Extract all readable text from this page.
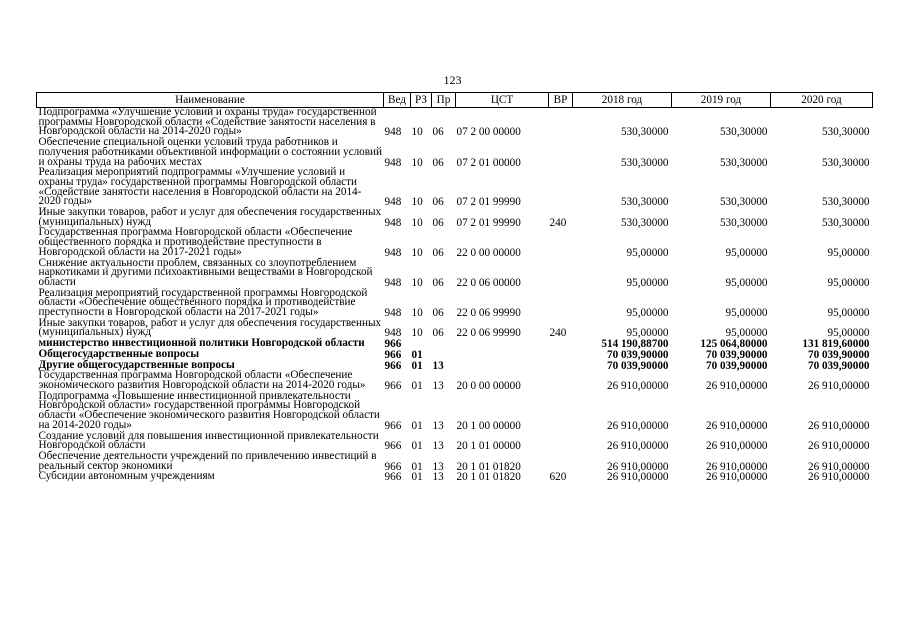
123
Наименование	Вед	РЗ	Пр	ЦСТ	ВР	2018 год	2019 год	2020 год
Подпрограмма «Улучшение условий и охраны труда» государственной программы Новгородской области «Содействие занятости населения в Новгородской области на 2014-2020 годы»	948	10	06	07 2 00 00000		530,30000	530,30000	530,30000
Обеспечение специальной оценки условий труда работников и получения работниками объективной информации о состоянии условий и охраны труда на рабочих местах	948	10	06	07 2 01 00000		530,30000	530,30000	530,30000
Реализация мероприятий подпрограммы «Улучшение условий и охраны труда» государственной программы Новгородской области «Содействие занятости населения в Новгородской области на 2014-2020 годы»	948	10	06	07 2 01 99990		530,30000	530,30000	530,30000
Иные закупки товаров, работ и услуг для обеспечения государственных (муниципальных) нужд	948	10	06	07 2 01 99990	240	530,30000	530,30000	530,30000
Государственная программа Новгородской области «Обеспечение общественного порядка и противодействие преступности в Новгородской области на 2017-2021 годы»	948	10	06	22 0 00 00000		95,00000	95,00000	95,00000
Снижение актуальности проблем, связанных со злоупотреблением наркотиками и другими психоактивными веществами в Новгородской области	948	10	06	22 0 06 00000		95,00000	95,00000	95,00000
Реализация мероприятий государственной программы Новгородской области «Обеспечение общественного порядка и противодействие преступности в Новгородской области на 2017-2021 годы»	948	10	06	22 0 06 99990		95,00000	95,00000	95,00000
Иные закупки товаров, работ и услуг для обеспечения государственных (муниципальных) нужд	948	10	06	22 0 06 99990	240	95,00000	95,00000	95,00000
министерство инвестиционной политики Новгородской области	966					514 190,88700	125 064,80000	131 819,60000
Общегосударственные вопросы	966	01				70 039,90000	70 039,90000	70 039,90000
Другие общегосударственные вопросы	966	01	13			70 039,90000	70 039,90000	70 039,90000
Государственная программа Новгородской области «Обеспечение экономического развития Новгородской области на 2014-2020 годы»	966	01	13	20 0 00 00000		26 910,00000	26 910,00000	26 910,00000
Подпрограмма «Повышение инвестиционной привлекательности Новгородской области» государственной программы Новгородской области «Обеспечение экономического развития Новгородской области на 2014-2020 годы»	966	01	13	20 1 00 00000		26 910,00000	26 910,00000	26 910,00000
Создание условий для повышения инвестиционной привлекательности Новгородской области	966	01	13	20 1 01 00000		26 910,00000	26 910,00000	26 910,00000
Обеспечение деятельности учреждений по привлечению инвестиций в реальный сектор экономики	966	01	13	20 1 01 01820		26 910,00000	26 910,00000	26 910,00000
Субсидии автономным учреждениям	966	01	13	20 1 01 01820	620	26 910,00000	26 910,00000	26 910,00000
